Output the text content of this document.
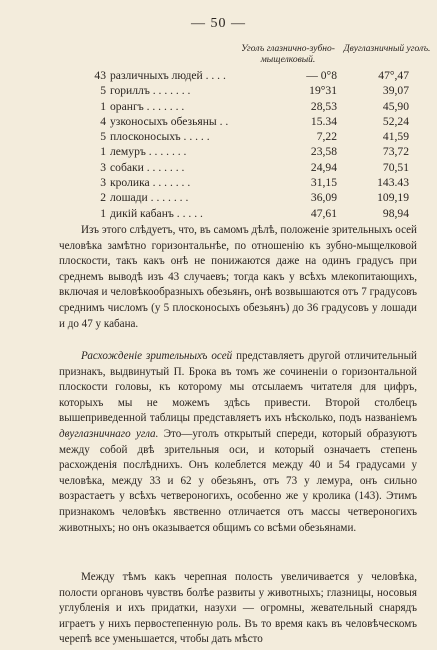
— 50 —
Уголъ глазнично-зубно-мыщелковый.
Двуглазничный уголъ.
43	различныхъ людей . . . .	— 0°8	47°,47
5	гориллъ . . . . . . .	19°31	39,07
1	орангъ . . . . . . .	28,53	45,90
4	узконосыхъ обезьяны . .	15.34	52,24
5	плосконосыхъ . . . . .	7,22	41,59
1	лемуръ . . . . . . .	23,58	73,72
3	собаки . . . . . . .	24,94	70,51
3	кролика . . . . . . .	31,15	143.43
2	лошади . . . . . . .	36,09	109,19
1	дикій кабанъ . . . . .	47,61	98,94

Изъ этого слѣдуетъ, что, въ самомъ дѣлѣ, положеніе зрительныхъ осей человѣка замѣтно горизонтальнѣе, по отношенію къ зубно-мыщелковой плоскости, такъ какъ онѣ не понижаются даже на одинъ градусъ при среднемъ выводѣ изъ 43 случаевъ; тогда какъ у всѣхъ млекопитающихъ, включая и человѣкообразныхъ обезьянъ, онѣ возвышаются отъ 7 градусовъ среднимъ числомъ (у 5 плосконосыхъ обезьянъ) до 36 градусовъ у лошади и до 47 у кабана.

Расхожденіе зрительныхъ осей представляетъ другой отличительный признакъ, выдвинутый П. Брока въ томъ же сочиненіи о горизонтальной плоскости головы, къ которому мы отсылаемъ читателя для цифръ, которыхъ мы не можемъ здѣсь привести. Второй столбецъ вышеприведенной таблицы представляетъ ихъ нѣсколько, подъ названіемъ двуглазничнаго угла. Это—уголъ открытый спереди, который образуютъ между собой двѣ зрительныя оси, и который означаетъ степень расхожденія послѣднихъ. Онъ колеблется между 40 и 54 градусами у человѣка, между 33 и 62 у обезьянъ, отъ 73 у лемура, онъ сильно возрастаетъ у всѣхъ четвероногихъ, особенно же у кролика (143). Этимъ признакомъ человѣкъ явственно отличается отъ массы четвероногихъ животныхъ; но онъ оказывается общимъ со всѣми обезьянами.

Между тѣмъ какъ черепная полость увеличивается у человѣка, полости органовъ чувствъ болѣе развиты у животныхъ; глазницы, носовыя углубленія и ихъ придатки, назухи — огромны, жевательный снарядъ играетъ у нихъ первостепенную роль. Въ то время какъ въ человѣческомъ черепѣ все уменьшается, чтобы дать мѣсто
